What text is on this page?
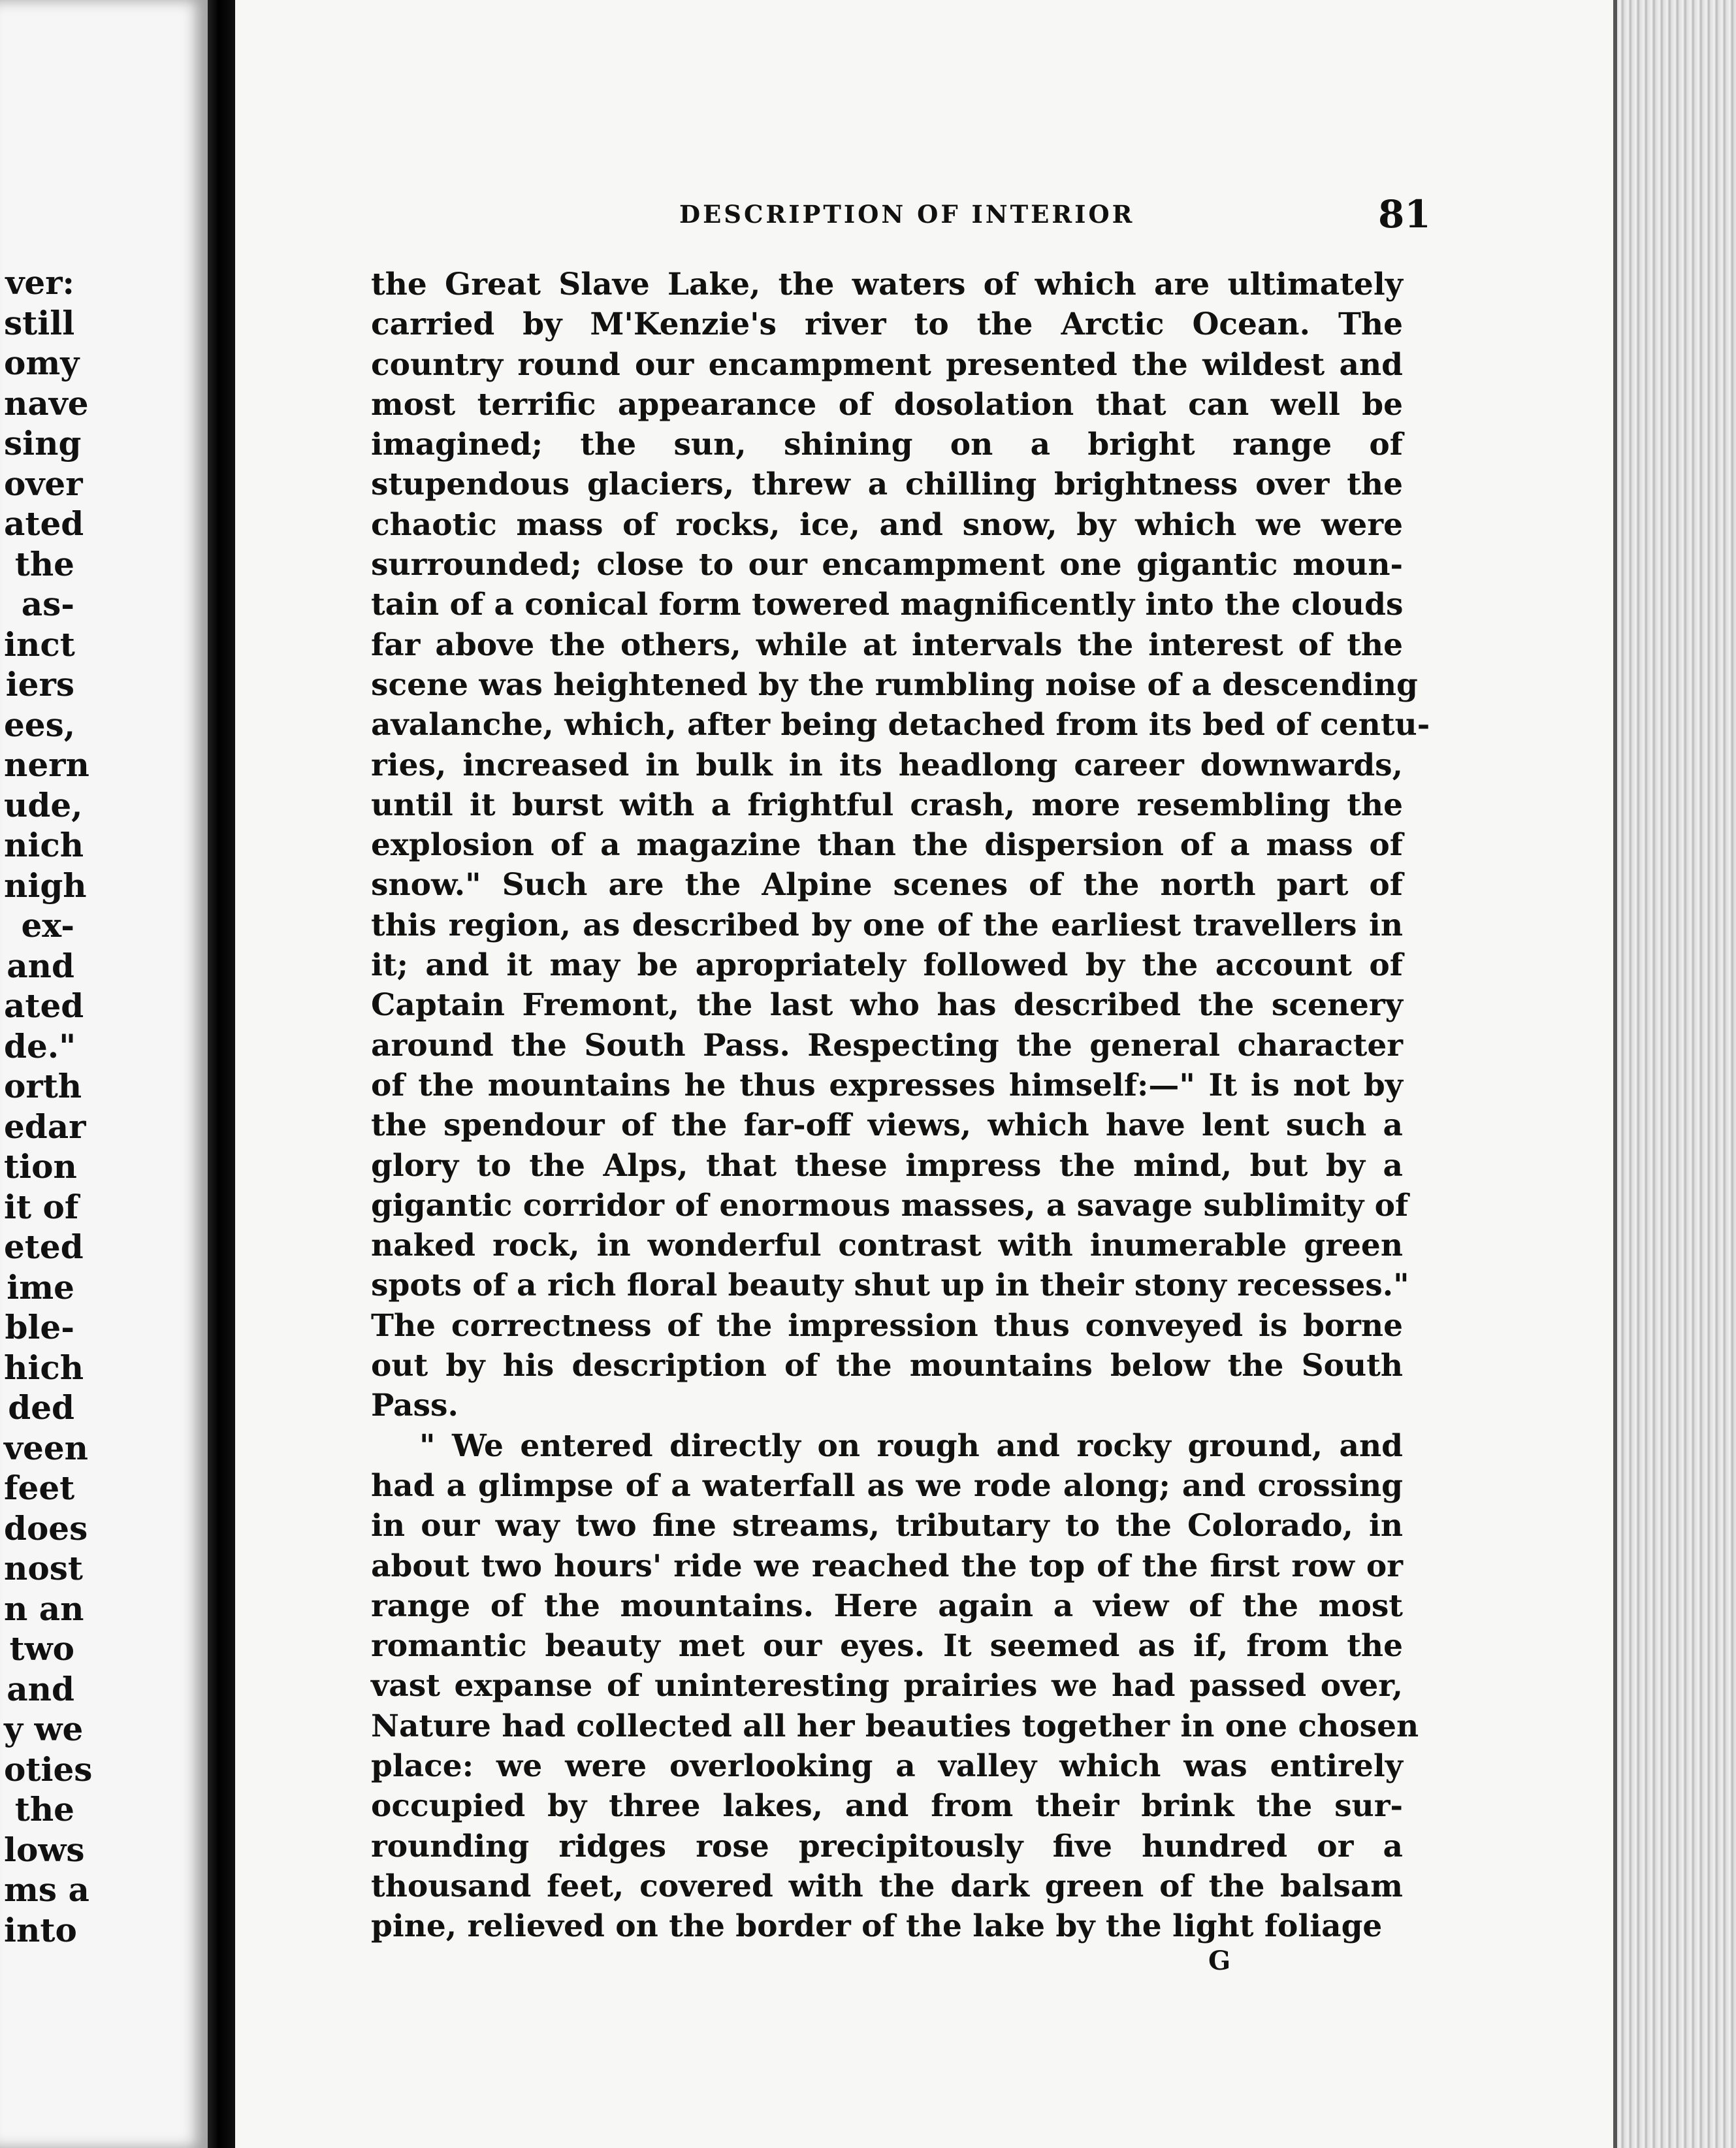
ver:
still
omy
nave
sing
over
ated
the
as-
inct
iers
ees,
nern
ude,
nich
nigh
ex-
and
ated
de."
orth
edar
tion
it of
eted
ime
ble-
hich
ded
veen
feet
does
nost
n an
two
and
y we
oties
the
lows
ms a
into
DESCRIPTION OF INTERIOR	81
the Great Slave Lake, the waters of which are ultimately
carried by M'Kenzie's river to the Arctic Ocean. The
country round our encampment presented the wildest and
most terrific appearance of dosolation that can well be
imagined; the sun, shining on a bright range of
stupendous glaciers, threw a chilling brightness over the
chaotic mass of rocks, ice, and snow, by which we were
surrounded; close to our encampment one gigantic moun-
tain of a conical form towered magnificently into the clouds
far above the others, while at intervals the interest of the
scene was heightened by the rumbling noise of a descending
avalanche, which, after being detached from its bed of centu-
ries, increased in bulk in its headlong career downwards,
until it burst with a frightful crash, more resembling the
explosion of a magazine than the dispersion of a mass of
snow." Such are the Alpine scenes of the north part of
this region, as described by one of the earliest travellers in
it; and it may be apropriately followed by the account of
Captain Fremont, the last who has described the scenery
around the South Pass. Respecting the general character
of the mountains he thus expresses himself:—" It is not by
the spendour of the far-off views, which have lent such a
glory to the Alps, that these impress the mind, but by a
gigantic corridor of enormous masses, a savage sublimity of
naked rock, in wonderful contrast with inumerable green
spots of a rich floral beauty shut up in their stony recesses."
The correctness of the impression thus conveyed is borne
out by his description of the mountains below the South
Pass.
" We entered directly on rough and rocky ground, and
had a glimpse of a waterfall as we rode along; and crossing
in our way two fine streams, tributary to the Colorado, in
about two hours' ride we reached the top of the first row or
range of the mountains. Here again a view of the most
romantic beauty met our eyes. It seemed as if, from the
vast expanse of uninteresting prairies we had passed over,
Nature had collected all her beauties together in one chosen
place: we were overlooking a valley which was entirely
occupied by three lakes, and from their brink the sur-
rounding ridges rose precipitously five hundred or a
thousand feet, covered with the dark green of the balsam
pine, relieved on the border of the lake by the light foliage
G
